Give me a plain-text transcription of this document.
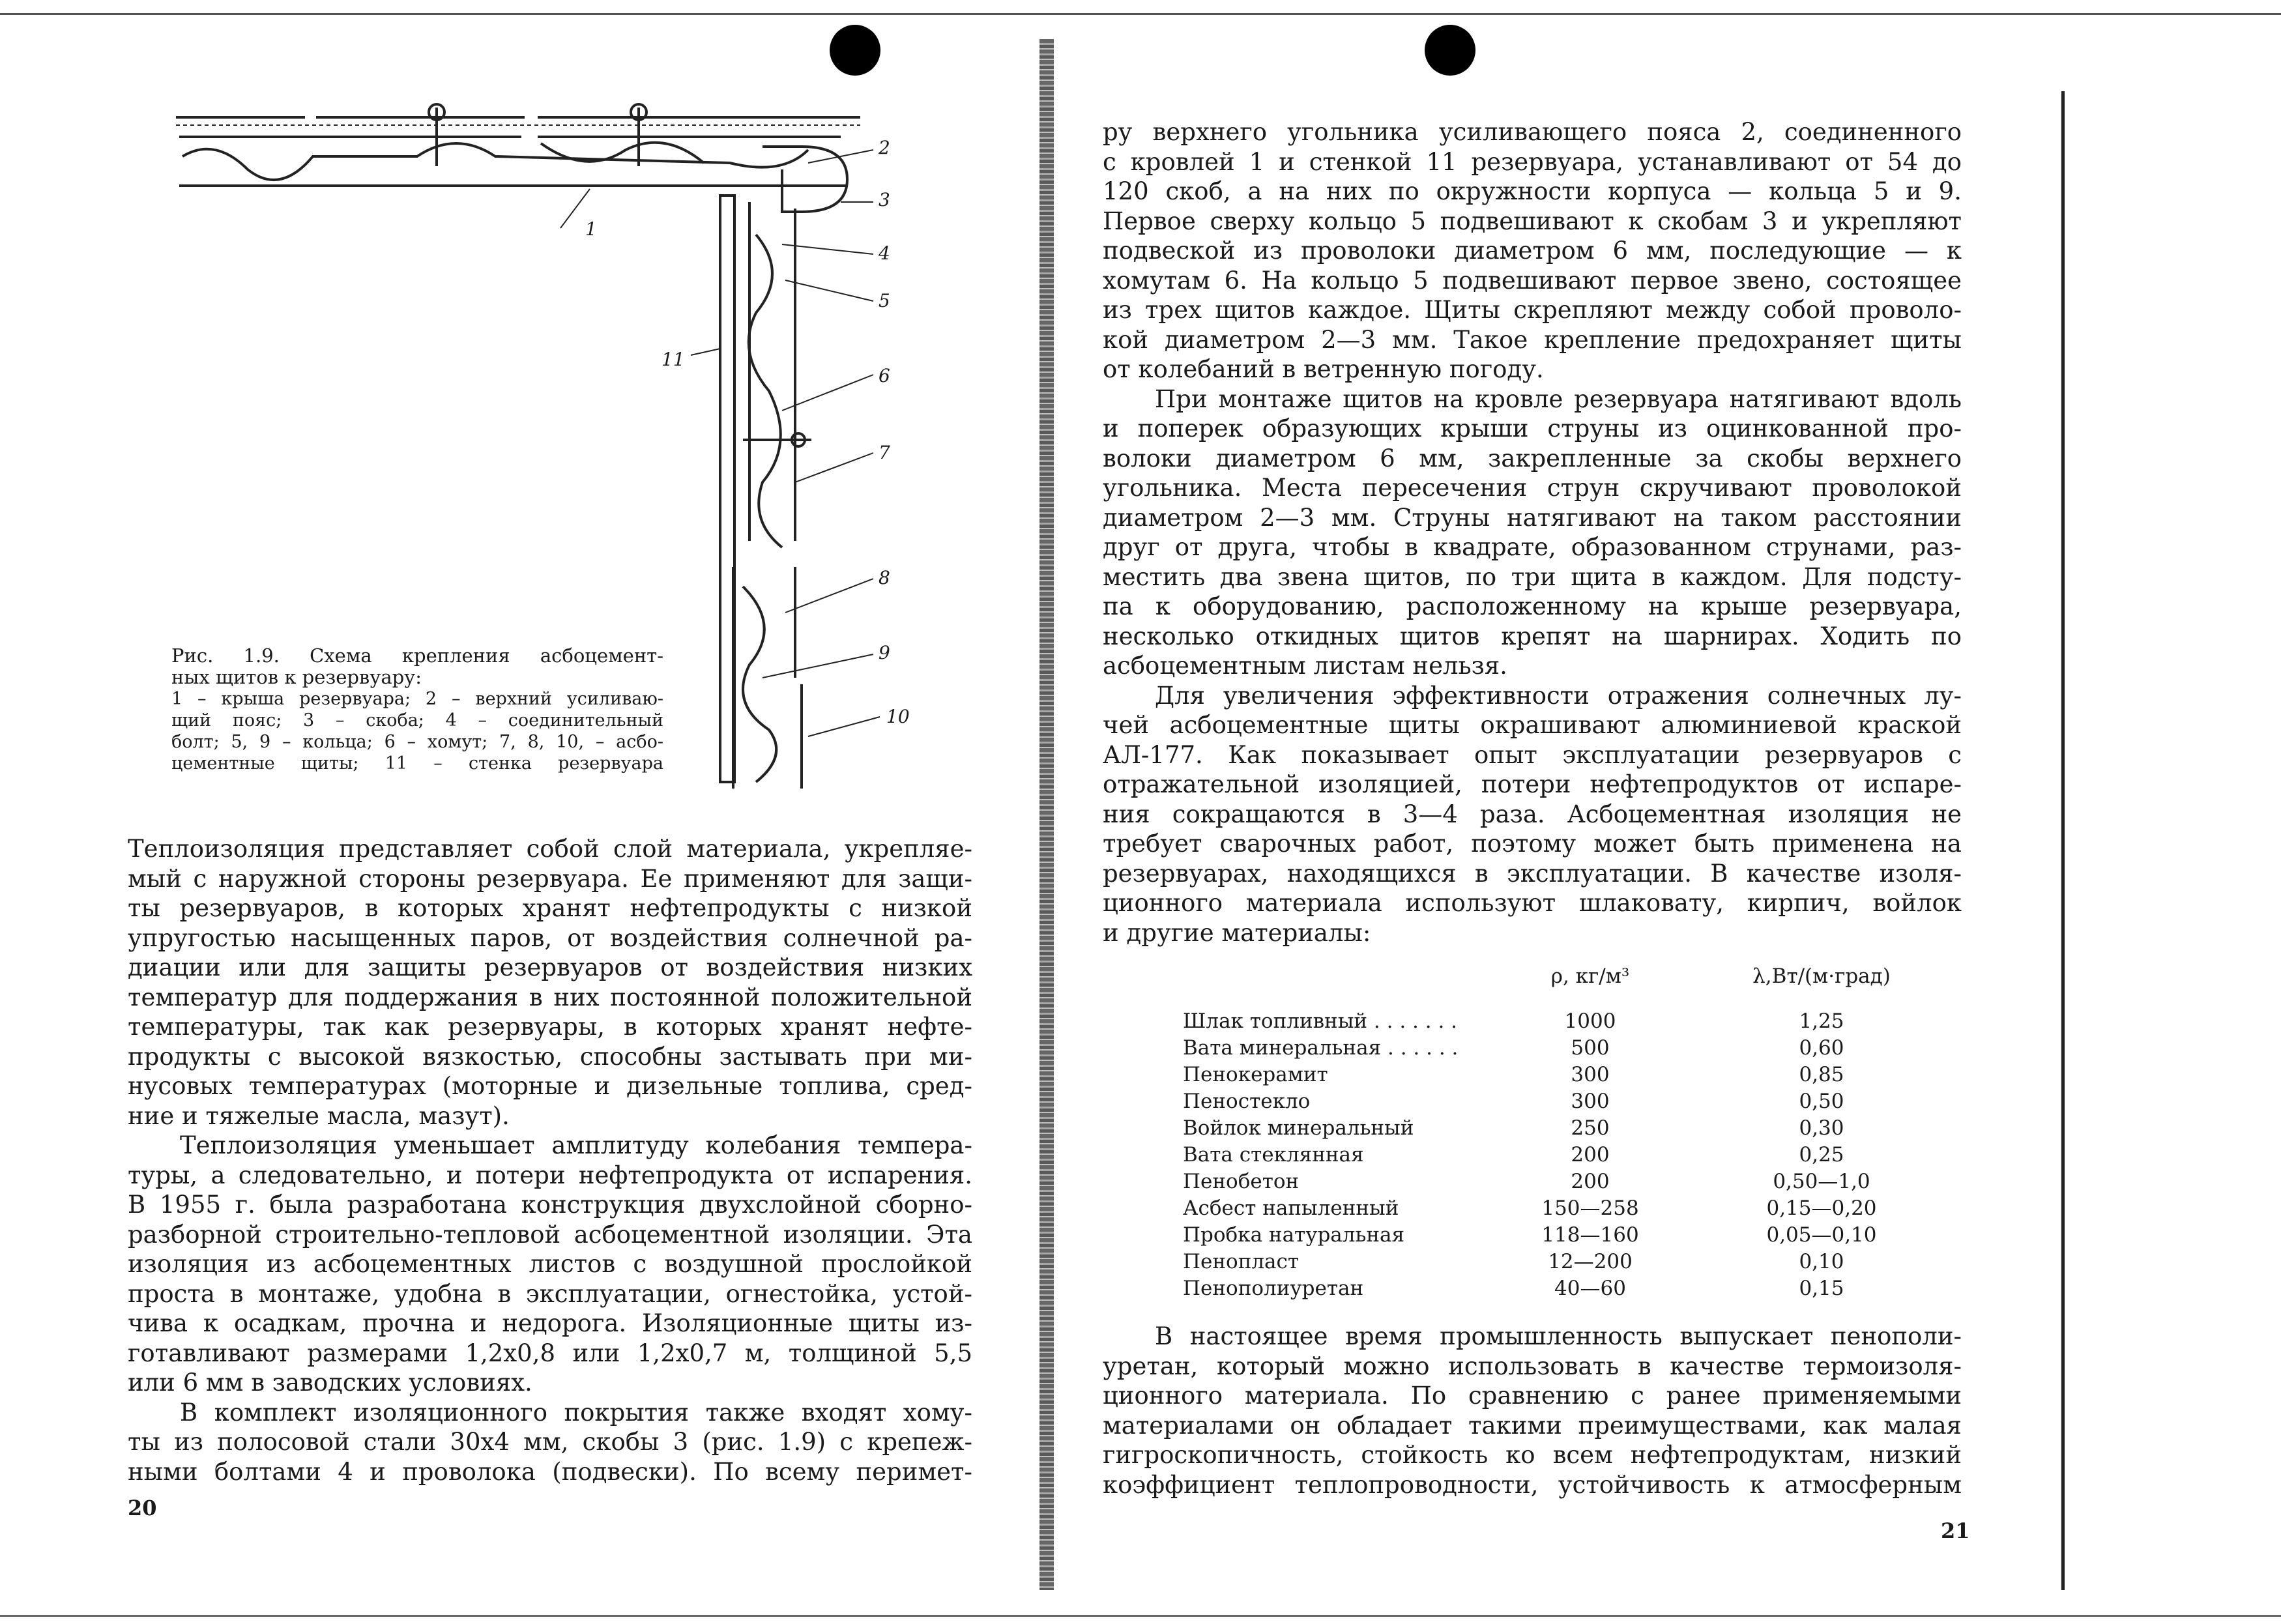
1
2
3
4
5
6
7
8
9
10
11
Рис. 1.9. Схема крепления асбоцемент-
ных щитов к резервуару:
1 – крыша резервуара; 2 – верхний усиливаю-
щий пояс; 3 – скоба; 4 – соединительный
болт; 5, 9 – кольца; 6 – хомут; 7, 8, 10, – асбо-
цементные щиты; 11 – стенка резервуара
Теплоизоляция представляет собой слой материала, укрепляе-
мый с наружной стороны резервуара. Ее применяют для защи-
ты резервуаров, в которых хранят нефтепродукты с низкой
упругостью насыщенных паров, от воздействия солнечной ра-
диации или для защиты резервуаров от воздействия низких
температур для поддержания в них постоянной положительной
температуры, так как резервуары, в которых хранят нефте-
продукты с высокой вязкостью, способны застывать при ми-
нусовых температурах (моторные и дизельные топлива, сред-
ние и тяжелые масла, мазут).
Теплоизоляция уменьшает амплитуду колебания темпера-
туры, а следовательно, и потери нефтепродукта от испарения.
В 1955 г. была разработана конструкция двухслойной сборно-
разборной строительно-тепловой асбоцементной изоляции. Эта
изоляция из асбоцементных листов с воздушной прослойкой
проста в монтаже, удобна в эксплуатации, огнестойка, устой-
чива к осадкам, прочна и недорога. Изоляционные щиты из-
готавливают размерами 1,2х0,8 или 1,2х0,7 м, толщиной 5,5
или 6 мм в заводских условиях.
В комплект изоляционного покрытия также входят хому-
ты из полосовой стали 30х4 мм, скобы 3 (рис. 1.9) с крепеж-
ными болтами 4 и проволока (подвески). По всему перимет-
20
ру верхнего угольника усиливающего пояса 2, соединенного
с кровлей 1 и стенкой 11 резервуара, устанавливают от 54 до
120 скоб, а на них по окружности корпуса — кольца 5 и 9.
Первое сверху кольцо 5 подвешивают к скобам 3 и укрепляют
подвеской из проволоки диаметром 6 мм, последующие — к
хомутам 6. На кольцо 5 подвешивают первое звено, состоящее
из трех щитов каждое. Щиты скрепляют между собой проволо-
кой диаметром 2—3 мм. Такое крепление предохраняет щиты
от колебаний в ветренную погоду.
При монтаже щитов на кровле резервуара натягивают вдоль
и поперек образующих крыши струны из оцинкованной про-
волоки диаметром 6 мм, закрепленные за скобы верхнего
угольника. Места пересечения струн скручивают проволокой
диаметром 2—3 мм. Струны натягивают на таком расстоянии
друг от друга, чтобы в квадрате, образованном струнами, раз-
местить два звена щитов, по три щита в каждом. Для подсту-
па к оборудованию, расположенному на крыше резервуара,
несколько откидных щитов крепят на шарнирах. Ходить по
асбоцементным листам нельзя.
Для увеличения эффективности отражения солнечных лу-
чей асбоцементные щиты окрашивают алюминиевой краской
АЛ-177. Как показывает опыт эксплуатации резервуаров с
отражательной изоляцией, потери нефтепродуктов от испаре-
ния сокращаются в 3—4 раза. Асбоцементная изоляция не
требует сварочных работ, поэтому может быть применена на
резервуарах, находящихся в эксплуатации. В качестве изоля-
ционного материала используют шлаковату, кирпич, войлок
и другие материалы:
	ρ, кг/м³	λ,Вт/(м·град)
Шлак топливный . . . . . . .	1000	1,25
Вата минеральная . . . . . .	500	0,60
Пенокерамит	300	0,85
Пеностекло	300	0,50
Войлок минеральный	250	0,30
Вата стеклянная	200	0,25
Пенобетон	200	0,50—1,0
Асбест напыленный	150—258	0,15—0,20
Пробка натуральная	118—160	0,05—0,10
Пенопласт	12—200	0,10
Пенополиуретан	40—60	0,15
В настоящее время промышленность выпускает пенополи-
уретан, который можно использовать в качестве термоизоля-
ционного материала. По сравнению с ранее применяемыми
материалами он обладает такими преимуществами, как малая
гигроскопичность, стойкость ко всем нефтепродуктам, низкий
коэффициент теплопроводности, устойчивость к атмосферным
21
